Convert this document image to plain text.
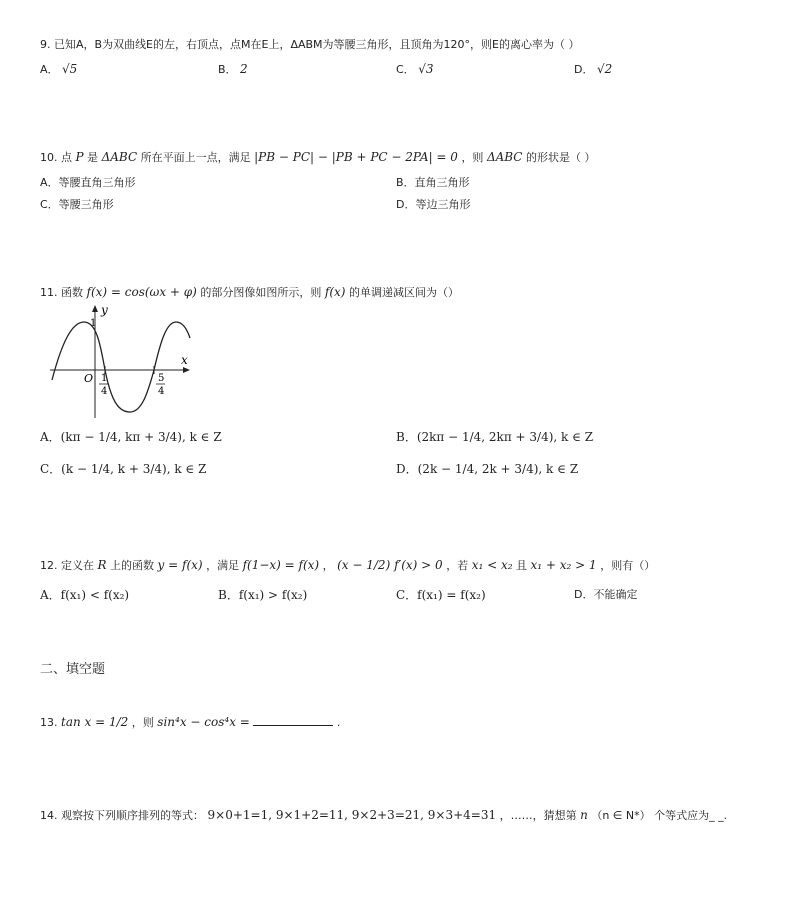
9. 已知A，B为双曲线E的左，右顶点，点M在E上，ΔABM为等腰三角形，且顶角为120°，则E的离心率为（ ）
A． √5	B． 2	C． √3	D． √2
10. 点 P 是 ΔABC 所在平面上一点，满足 |PB − PC| − |PB + PC − 2PA| = 0 ，则 ΔABC 的形状是（ ）
A．等腰直角三角形	B．直角三角形
C．等腰三角形	D．等边三角形
11. 函数 f(x) = cos(ωx + φ) 的部分图像如图所示，则 f(x) 的单调递减区间为（）
y
x
O
1
1
4
5
4
A．(kπ − 1/4, kπ + 3/4), k ∈ Z	B．(2kπ − 1/4, 2kπ + 3/4), k ∈ Z
C．(k − 1/4, k + 3/4), k ∈ Z	D．(2k − 1/4, 2k + 3/4), k ∈ Z
12. 定义在 R 上的函数 y = f(x) ，满足 f(1−x) = f(x) ， (x − 1/2) f′(x) > 0 ，若 x₁ < x₂ 且 x₁ + x₂ > 1 ，则有（）
A．f(x₁) < f(x₂)	B．f(x₁) > f(x₂)	C．f(x₁) = f(x₂)	D．不能确定
二、填空题
13. tan x = 1/2 ，则 sin⁴x − cos⁴x =	.
14. 观察按下列顺序排列的等式： 9×0+1=1, 9×1+2=11, 9×2+3=21, 9×3+4=31 ，……，猜想第 n （n ∈ N*） 个等式应为_ _.
